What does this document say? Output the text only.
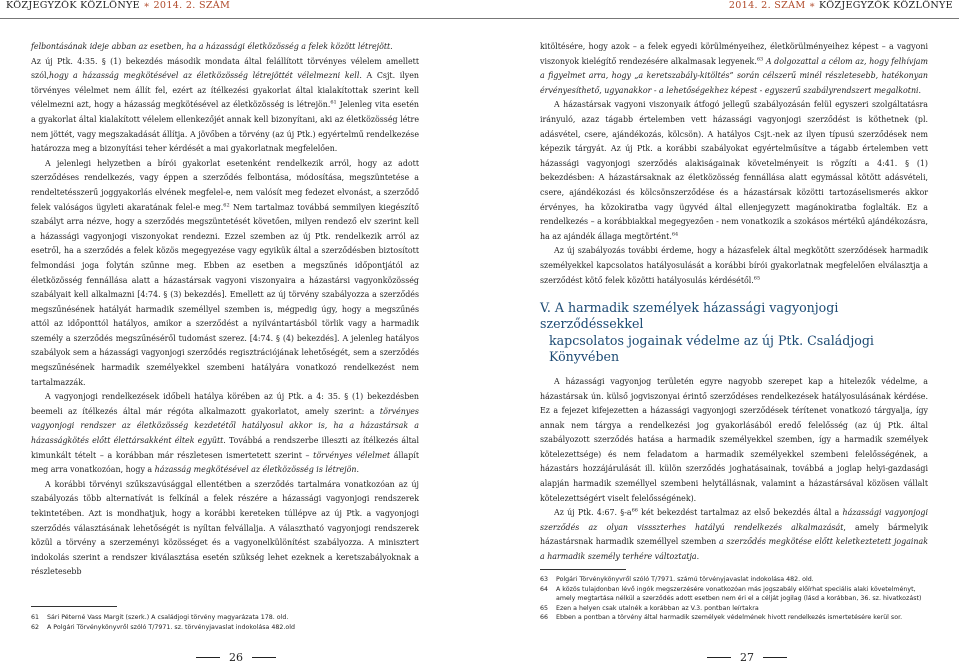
KÖZJEGYZŐK KÖZLÖNYE ∗ 2014. 2. SZÁM	2014. 2. SZÁM ∗ KÖZJEGYZŐK KÖZLÖNYE

felbontásának ideje abban az esetben, ha a házassági életközösség a felek között létrejött.

Az új Ptk. 4:35. § (1) bekezdés második mondata által felállított törvényes vélelem amellett szól,hogy a házasság megkötésével az életközösség létrejöttét vélelmezni kell. A Csjt. ilyen törvényes vélelmet nem állít fel, ezért az ítélkezési gyakorlat által kialakítottak szerint kell vélelmezni azt, hogy a házasság megkötésével az életközösség is létrejön.$^{61}$ Jelenleg vita esetén a gyakorlat által kialakított vélelem ellenkezőjét annak kell bizonyítani, aki az életközösség létre nem jöttét, vagy megszakadását állítja. A jövőben a törvény (az új Ptk.) egyértelmű rendelkezése határozza meg a bizonyítási teher kérdését a mai gyakorlatnak megfelelően.

A jelenlegi helyzetben a bírói gyakorlat esetenként rendelkezik arról, hogy az adott szerződéses rendelkezés, vagy éppen a szerződés felbontása, módosítása, megszüntetése a rendeltetésszerű joggyakorlás elvének megfelel-e, nem valósít meg fedezet elvonást, a szerződő felek valóságos ügyleti akaratának felel-e meg.$^{62}$ Nem tartalmaz továbbá semmilyen kiegészítő szabályt arra nézve, hogy a szerződés megszüntetését követően, milyen rendező elv szerint kell a házassági vagyonjogi viszonyokat rendezni. Ezzel szemben az új Ptk. rendelkezik arról az esetről, ha a szerződés a felek közös megegyezése vagy egyikük által a szerződésben biztosított felmondási joga folytán szűnne meg. Ebben az esetben a megszűnés időpontjától az életközösség fennállása alatt a házastársak vagyoni viszonyaira a házastársi vagyonközösség szabályait kell alkalmazni [4:74. § (3) bekezdés]. Emellett az új törvény szabályozza a szerződés megszűnésének hatályát harmadik személlyel szemben is, mégpedig úgy, hogy a megszűnés attól az időponttól hatályos, amikor a szerződést a nyilvántartásból törlik vagy a harmadik személy a szerződés megszűnéséről tudomást szerez. [4:74. § (4) bekezdés]. A jelenleg hatályos szabályok sem a házassági vagyonjogi szerződés regisztrációjának lehetőségét, sem a szerződés megszűnésének harmadik személyekkel szembeni hatályára vonatkozó rendelkezést nem tartalmazzák.

A vagyonjogi rendelkezések időbeli hatálya körében az új Ptk. a 4: 35. § (1) bekezdésben beemeli az ítélkezés által már régóta alkalmazott gyakorlatot, amely szerint: a törvényes vagyonjogi rendszer az életközösség kezdetétől hatályosul akkor is, ha a házastársak a házasságkötés előtt élettársakként éltek együtt. Továbbá a rendszerbe illeszti az ítélkezés által kimunkált tételt – a korábban már részletesen ismertetett szerint – törvényes vélelmet állapít meg arra vonatkozóan, hogy a házasság megkötésével az életközösség is létrejön.

A korábbi törvényi szűkszavúsággal ellentétben a szerződés tartalmára vonatkozóan az új szabályozás több alternatívát is felkínál a felek részére a házassági vagyonjogi rendszerek tekintetében. Azt is mondhatjuk, hogy a korábbi kereteken túllépve az új Ptk. a vagyonjogi szerződés választásának lehetőségét is nyíltan felvállalja. A választható vagyonjogi rendszerek közül a törvény a szerzeményi közösséget és a vagyonelkülönítést szabályozza. A minisztert indokolás szerint a rendszer kiválasztása esetén szükség lehet ezeknek a keretszabályoknak a részletesebb

61	Sári Péterné Vass Margit (szerk.) A családjogi törvény magyarázata 178. old.
62	A Polgári Törvénykönyvről szóló T/7971. sz. törvényjavaslat indokolása 482.old

kitöltésére, hogy azok – a felek egyedi körülményeihez, életkörülményeihez képest – a vagyoni viszonyok kielégítő rendezésére alkalmasak legyenek.$^{63}$ A dolgozattal a célom az, hogy felhívjam a figyelmet arra, hogy „a keretszabály-kitöltés” során célszerű minél részletesebb, hatékonyan érvényesíthető, ugyanakkor - a lehetőségekhez képest - egyszerű szabályrendszert megalkotni.

A házastársak vagyoni viszonyaik átfogó jellegű szabályozásán felül egyszeri szolgáltatásra irányuló, azaz tágabb értelemben vett házassági vagyonjogi szerződést is köthetnek (pl. adásvétel, csere, ajándékozás, kölcsön). A hatályos Csjt.-nek az ilyen típusú szerződések nem képezik tárgyát. Az új Ptk. a korábbi szabályokat egyértelműsítve a tágabb értelemben vett házassági vagyonjogi szerződés alakiságainak követelményeit is rögzíti a 4:41. § (1) bekezdésben: A házastársaknak az életközösség fennállása alatt egymással kötött adásvételi, csere, ajándékozási és kölcsönszerződése és a házastársak közötti tartozáselismerés akkor érvényes, ha közokiratba vagy ügyvéd által ellenjegyzett magánokiratba foglalták. Ez a rendelkezés – a korábbiakkal megegyezően - nem vonatkozik a szokásos mértékű ajándékozásra, ha az ajándék állaga megtörtént.$^{64}$

Az új szabályozás további érdeme, hogy a házasfelek által megkötött szerződések harmadik személyekkel kapcsolatos hatályosulását a korábbi bírói gyakorlatnak megfelelően elválasztja a szerződést kötő felek közötti hatályosulás kérdésétől.$^{65}$

V. A harmadik személyek házassági vagyonjogi szerződéssekkel
kapcsolatos jogainak védelme az új Ptk. Családjogi Könyvében

A házassági vagyonjog területén egyre nagyobb szerepet kap a hitelezők védelme, a házastársak ún. külső jogviszonyai érintő szerződéses rendelkezések hatályosulásának kérdése. Ez a fejezet kifejezetten a házassági vagyonjogi szerződések térítenet vonatkozó tárgyalja, így annak nem tárgya a rendelkezési jog gyakorlásából eredő felelősség (az új Ptk. által szabályozott szerződés hatása a harmadik személyekkel szemben, így a harmadik személyek kötelezettsége) és nem feladatom a harmadik személyekkel szembeni felelősségének, a házastárs hozzájárulását ill. külön szerződés joghatásainak, továbbá a joglap helyi-gazdasági alapján harmadik személlyel szembeni helytállásnak, valamint a házastársával közösen vállalt kötelezettségért viselt felelősségének).

Az új Ptk. 4:67. $\S-a^{66}$ két bekezdést tartalmaz az első bekezdés által a házassági vagyonjogi szerződés az olyan vissszterhes hatályú rendelkezés alkalmazását, amely bármelyik házastársnak harmadik személlyel szemben a szerződés megkötése előtt keletkeztetett jogainak a harmadik személy terhére változtatja.

63	Polgári Törvénykönyvről szóló T/7971. számú törvényjavaslat indokolása 482. old.
64	A közös tulajdonban lévő ingók megszerzésére vonatkozóan más jogszabály előírhat speciális alaki követelményt, amely megtartása nélkül a szerződés adott esetben nem éri el a célját jogilag (lásd a korábban, 36. sz. hivatkozást)
65	Ezen a helyen csak utalnék a korábban az V.3. pontban leírtakra
66	Ebben a pontban a törvény által harmadik személyek védelmének hivott rendelkezés ismertetésére kerül sor.
26	27
